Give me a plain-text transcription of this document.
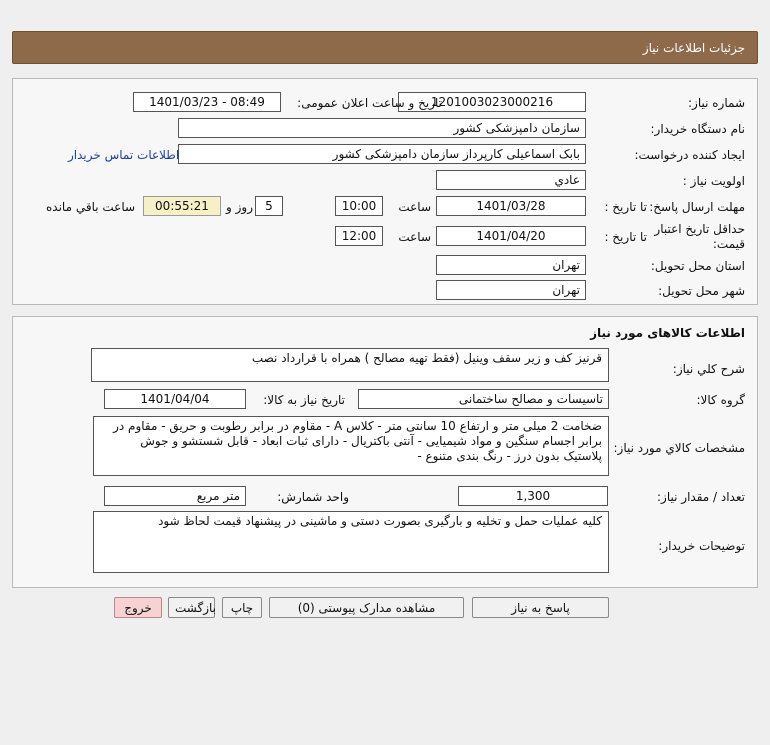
جزئیات اطلاعات نیاز
شماره نیاز:
1201003023000216
تاریخ و ساعت اعلان عمومی:
1401/03/23 - 08:49
نام دستگاه خریدار:
سازمان دامپزشکی کشور
ایجاد کننده درخواست:
بابک اسماعیلی کارپرداز سازمان دامپزشکی کشور
اطلاعات تماس خریدار
اولویت نیاز :
عادي
مهلت ارسال پاسخ:
تا تاریخ :
1401/03/28
ساعت
10:00
5
روز و
00:55:21
ساعت باقي مانده
حداقل تاریخ اعتبار
قیمت:
تا تاریخ :
1401/04/20
ساعت
12:00
استان محل تحویل:
تهران
شهر محل تحویل:
تهران
اطلاعات کالاهای مورد نیاز
شرح کلي نیاز:
قرنیز کف و زیر سقف وینیل (فقط تهیه مصالح ) همراه با قرارداد نصب
گروه کالا:
تاسیسات و مصالح ساختمانی
تاریخ نیاز به کالا:
1401/04/04
مشخصات کالاي مورد نیاز:
ضخامت 2 میلی متر و ارتفاع 10 سانتی متر - کلاس A - مقاوم در برابر رطوبت و حریق - مقاوم در برابر اجسام سنگین و مواد شیمیایی - آنتی باکتریال - دارای ثبات ابعاد - قابل شستشو و جوش پلاستیک بدون درز - رنگ بندی متنوع -
تعداد / مقدار نیاز:
1,300
واحد شمارش:
متر مربع
توضیحات خریدار:
کلیه عملیات حمل و تخلیه و بارگیری بصورت دستی و ماشینی در پیشنهاد قیمت لحاظ شود
پاسخ به نیاز
مشاهده مدارک پیوستی (0)
چاپ
بازگشت
خروج
